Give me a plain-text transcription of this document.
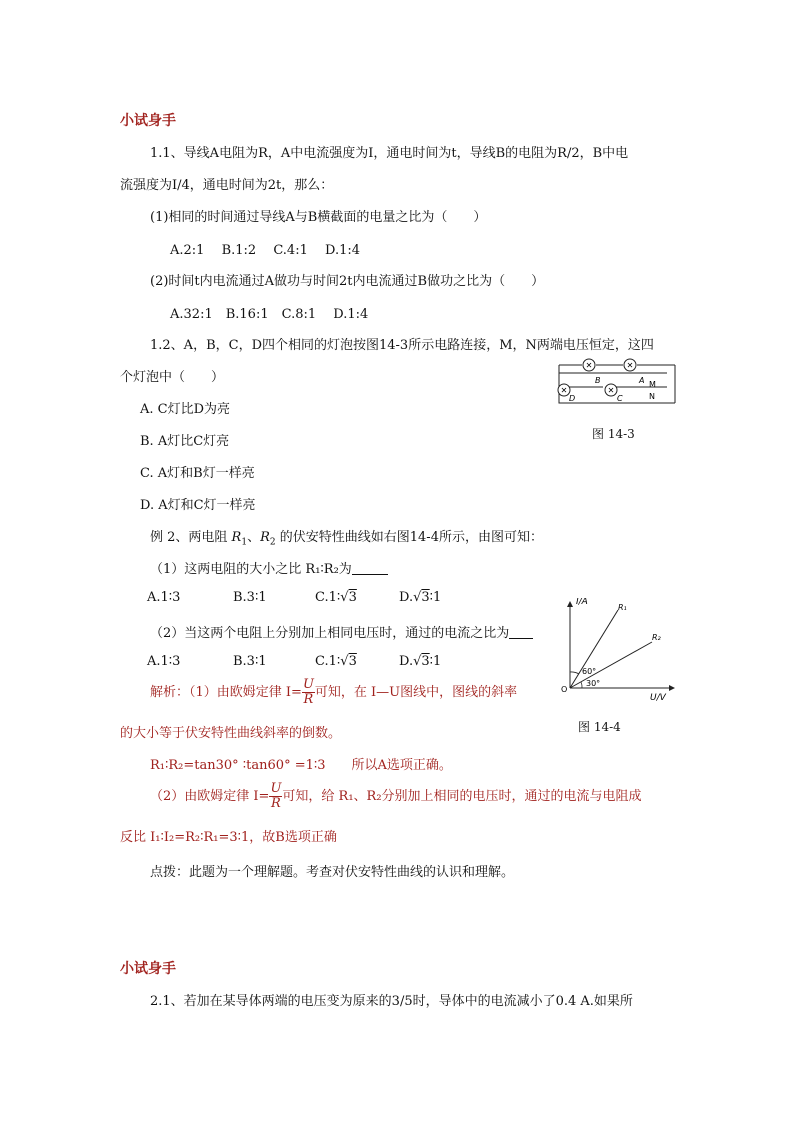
小试身手
1.1、导线A电阻为R，A中电流强度为I，通电时间为t，导线B的电阻为R/2，B中电
流强度为I/4，通电时间为2t，那么：
(1)相同的时间通过导线A与B横截面的电量之比为（　　）
A.2:1　 B.1:2　 C.4:1　 D.1:4
(2)时间t内电流通过A做功与时间2t内电流通过B做功之比为（　　）
A.32:1　B.16:1　C.8:1　 D.1:4
1.2、A，B，C，D四个相同的灯泡按图14-3所示电路连接，M，N两端电压恒定，这四
个灯泡中（　　）
A. C灯比D为亮
B. A灯比C灯亮
C. A灯和B灯一样亮
D. A灯和C灯一样亮
✕	✕
✕	✕
B	A
D	C
M
N
图 14-3
例 2、两电阻 $R_1$、$R_2$ 的伏安特性曲线如右图14-4所示，由图可知：
（1）这两电阻的大小之比 R₁∶R₂为
A.1∶3	B.3∶1	C.1∶√3	D.√3∶1
（2）当这两个电阻上分别加上相同电压时，通过的电流之比为
A.1∶3	B.3∶1	C.1∶√3	D.√3∶1
解析：（1）由欧姆定律 $I= \frac{U}{R}$ 可知，在 I—U图线中，图线的斜率
的大小等于伏安特性曲线斜率的倒数。
R₁∶R₂=tan30° ∶tan60° =1∶3　　所以A选项正确。
（2）由欧姆定律 $I= \frac{U}{R}$ 可知，给 R₁、R₂分别加上相同的电压时，通过的电流与电阻成
反比 I₁∶I₂=R₂∶R₁=3∶1，故B选项正确
点拨：此题为一个理解题。考查对伏安特性曲线的认识和理解。
I/A
U/V
R₁
R₂
60°
30°
O
图 14-4
小试身手
2.1、若加在某导体两端的电压变为原来的3/5时，导体中的电流减小了0.4 A.如果所
